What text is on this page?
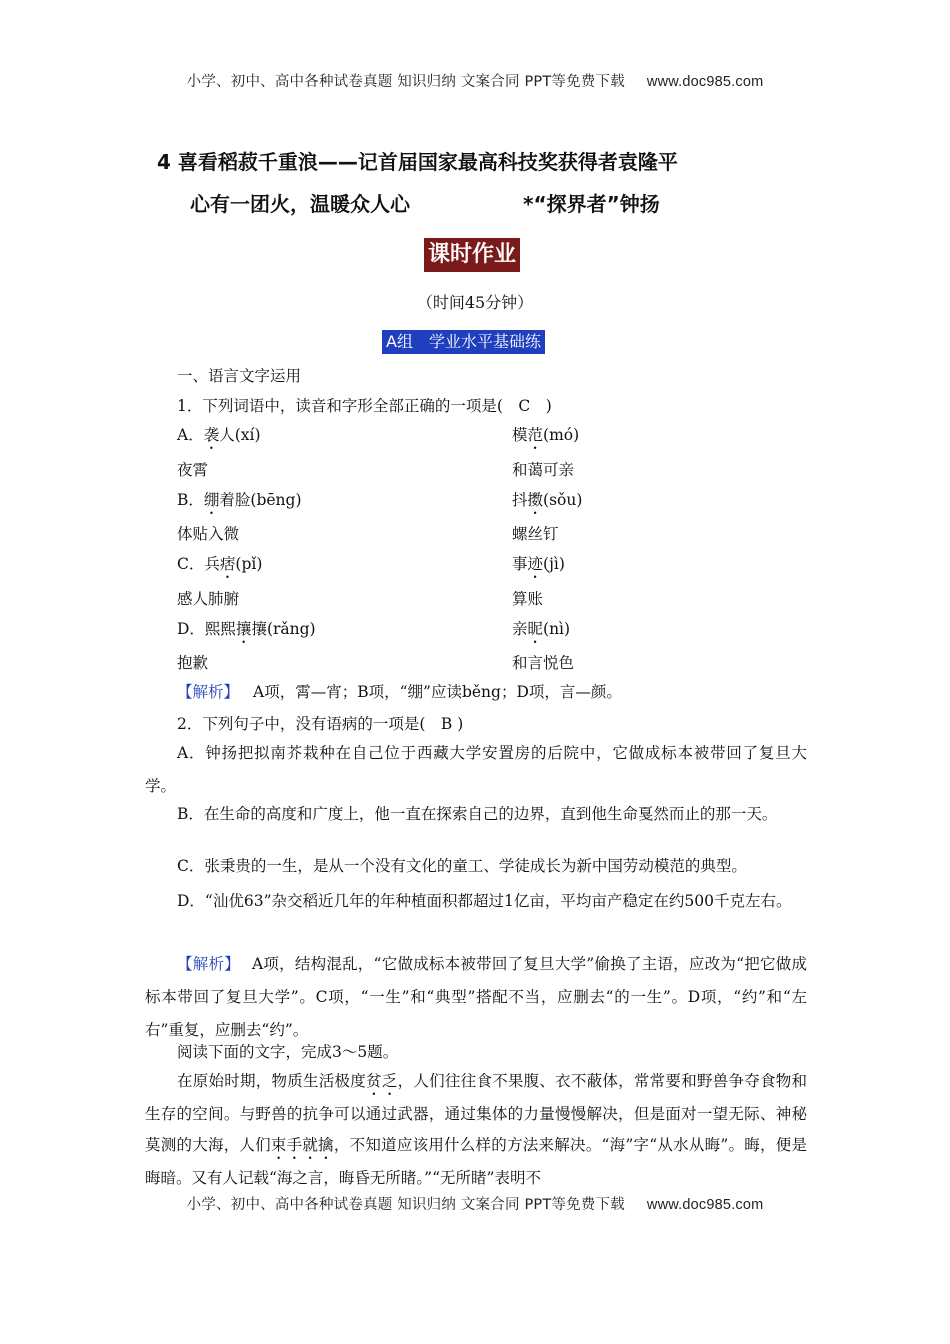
小学、初中、高中各种试卷真题 知识归纳 文案合同 PPT等免费下载 www.doc985.com
4 喜看稻菽千重浪——记首届国家最高科技奖获得者袁隆平
心有一团火，温暖众人心	*“探界者”钟扬
课时作业
（时间45分钟）
A组　学业水平基础练
一、语言文字运用
1．下列词语中，读音和字形全部正确的一项是(　C　)
A．袭人(xí)	模范(mó)
夜霄	和蔼可亲
B．绷着脸(bēng)	抖擞(sǒu)
体贴入微	螺丝钉
C．兵痞(pǐ)	事迹(jì)
感人肺腑	算账
D．熙熙攘攘(rǎng)	亲昵(nì)
抱歉	和言悦色
【解析】 A项，霄—宵；B项，“绷”应读běng；D项，言—颜。
2．下列句子中，没有语病的一项是(　B )
A．钟扬把拟南芥栽种在自己位于西藏大学安置房的后院中，它做成标本被带回了复旦大学。
B．在生命的高度和广度上，他一直在探索自己的边界，直到他生命戛然而止的那一天。
C．张秉贵的一生，是从一个没有文化的童工、学徒成长为新中国劳动模范的典型。
D．“汕优63”杂交稻近几年的年种植面积都超过1亿亩，平均亩产稳定在约500千克左右。
【解析】 A项，结构混乱，“它做成标本被带回了复旦大学”偷换了主语，应改为“把它做成标本带回了复旦大学”。C项，“一生”和“典型”搭配不当，应删去“的一生”。D项，“约”和“左右”重复，应删去“约”。
阅读下面的文字，完成3～5题。
在原始时期，物质生活极度贫乏，人们往往食不果腹、衣不蔽体，常常要和野兽争夺食物和生存的空间。与野兽的抗争可以通过武器，通过集体的力量慢慢解决，但是面对一望无际、神秘莫测的大海，人们束手就擒，不知道应该用什么样的方法来解决。“海”字“从水从晦”。晦，便是晦暗。又有人记载“海之言，晦昏无所睹。”“无所睹”表明不
小学、初中、高中各种试卷真题 知识归纳 文案合同 PPT等免费下载 www.doc985.com
